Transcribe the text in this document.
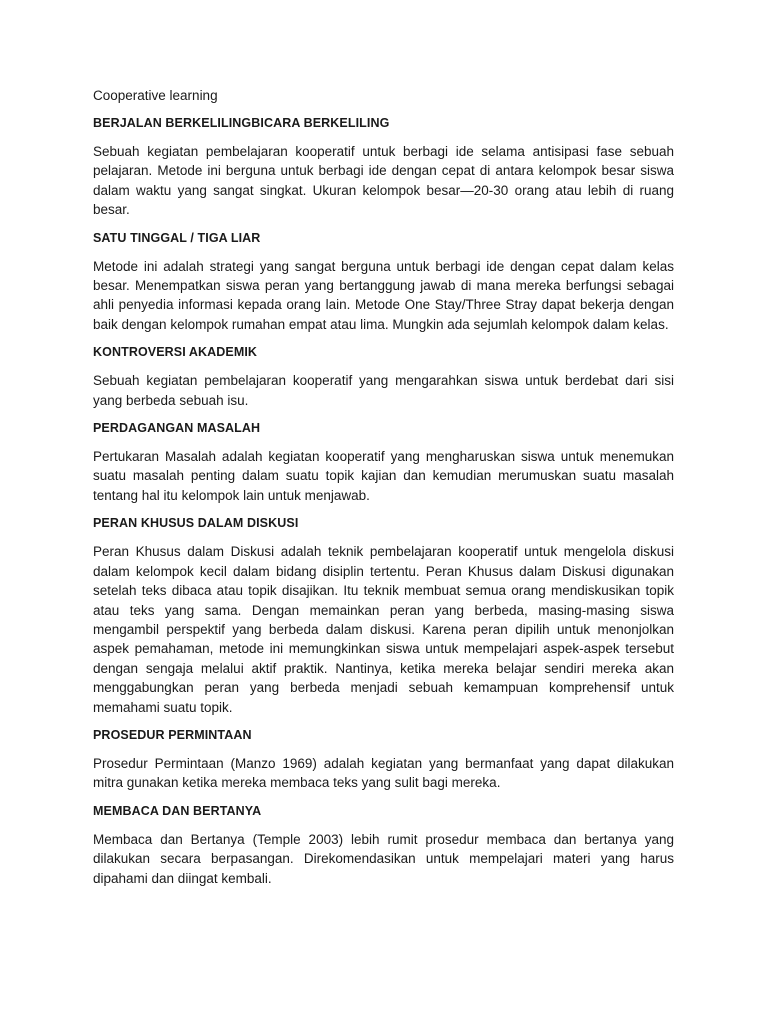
Cooperative learning
BERJALAN BERKELILINGBICARA BERKELILING
Sebuah kegiatan pembelajaran kooperatif untuk berbagi ide selama antisipasi fase sebuah pelajaran. Metode ini berguna untuk berbagi ide dengan cepat di antara kelompok besar siswa dalam waktu yang sangat singkat. Ukuran kelompok besar—20-30 orang atau lebih di ruang besar.
SATU TINGGAL / TIGA LIAR
Metode ini adalah strategi yang sangat berguna untuk berbagi ide dengan cepat dalam kelas besar. Menempatkan siswa peran yang bertanggung jawab di mana mereka berfungsi sebagai ahli penyedia informasi kepada orang lain. Metode One Stay/Three Stray dapat bekerja dengan baik dengan kelompok rumahan empat atau lima. Mungkin ada sejumlah kelompok dalam kelas.
KONTROVERSI AKADEMIK
Sebuah kegiatan pembelajaran kooperatif yang mengarahkan siswa untuk berdebat dari sisi yang berbeda sebuah isu.
PERDAGANGAN MASALAH
Pertukaran Masalah adalah kegiatan kooperatif yang mengharuskan siswa untuk menemukan suatu masalah penting dalam suatu topik kajian dan kemudian merumuskan suatu masalah tentang hal itu kelompok lain untuk menjawab.
PERAN KHUSUS DALAM DISKUSI
Peran Khusus dalam Diskusi adalah teknik pembelajaran kooperatif untuk mengelola diskusi dalam kelompok kecil dalam bidang disiplin tertentu. Peran Khusus dalam Diskusi digunakan setelah teks dibaca atau topik disajikan. Itu teknik membuat semua orang mendiskusikan topik atau teks yang sama. Dengan memainkan peran yang berbeda, masing-masing siswa mengambil perspektif yang berbeda dalam diskusi. Karena peran dipilih untuk menonjolkan aspek pemahaman, metode ini memungkinkan siswa untuk mempelajari aspek-aspek tersebut dengan sengaja melalui aktif praktik. Nantinya, ketika mereka belajar sendiri mereka akan menggabungkan peran yang berbeda menjadi sebuah kemampuan komprehensif untuk memahami suatu topik.
PROSEDUR PERMINTAAN
Prosedur Permintaan (Manzo 1969) adalah kegiatan yang bermanfaat yang dapat dilakukan mitra gunakan ketika mereka membaca teks yang sulit bagi mereka.
MEMBACA DAN BERTANYA
Membaca dan Bertanya (Temple 2003) lebih rumit prosedur membaca dan bertanya yang dilakukan secara berpasangan. Direkomendasikan untuk mempelajari materi yang harus dipahami dan diingat kembali.
